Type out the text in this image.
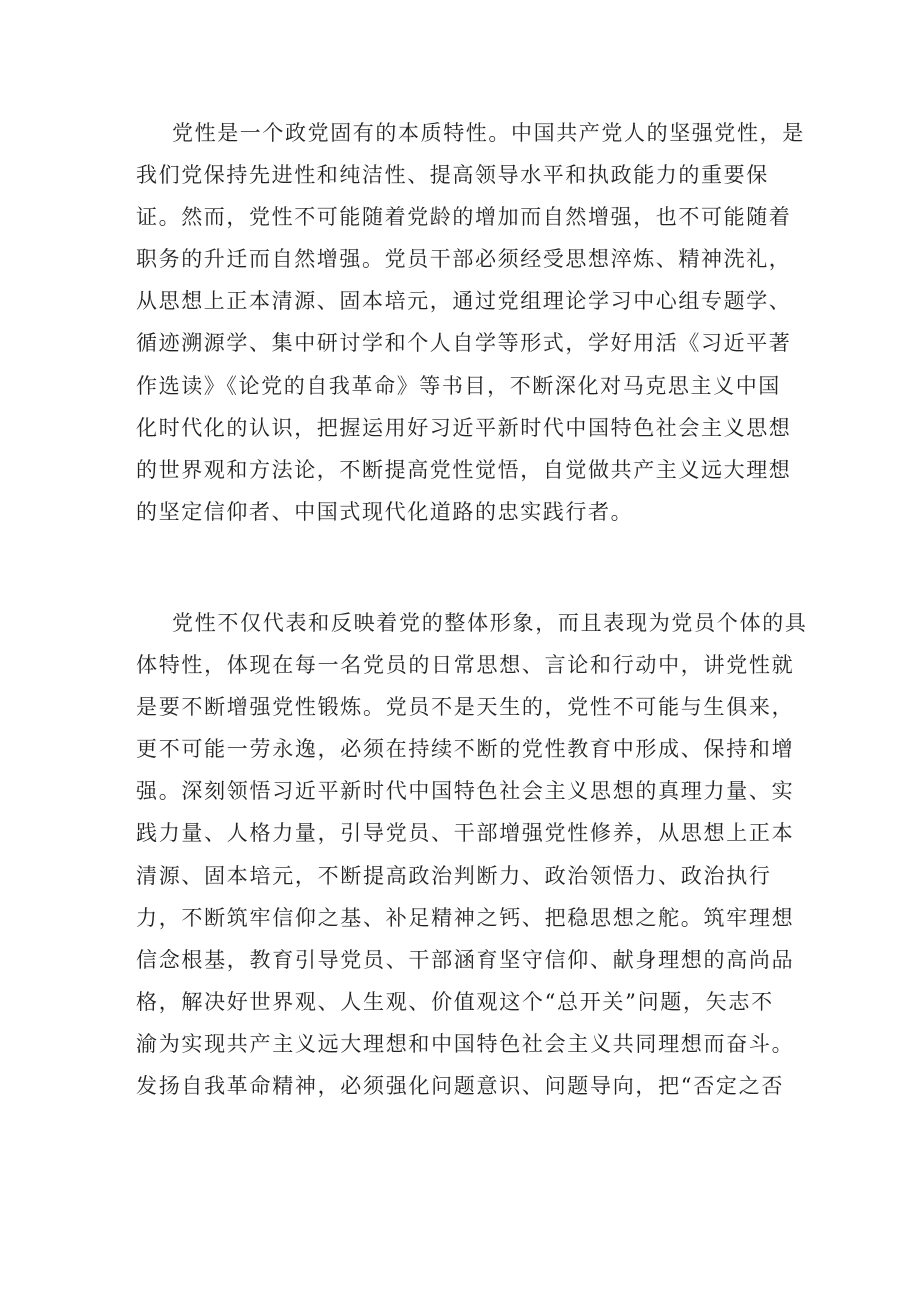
党性是一个政党固有的本质特性。中国共产党人的坚强党性，是
我们党保持先进性和纯洁性、提高领导水平和执政能力的重要保
证。然而，党性不可能随着党龄的增加而自然增强，也不可能随着
职务的升迁而自然增强。党员干部必须经受思想淬炼、精神洗礼，
从思想上正本清源、固本培元，通过党组理论学习中心组专题学、
循迹溯源学、集中研讨学和个人自学等形式，学好用活《习近平著
作选读》《论党的自我革命》等书目，不断深化对马克思主义中国
化时代化的认识，把握运用好习近平新时代中国特色社会主义思想
的世界观和方法论，不断提高党性觉悟，自觉做共产主义远大理想
的坚定信仰者、中国式现代化道路的忠实践行者。
党性不仅代表和反映着党的整体形象，而且表现为党员个体的具
体特性，体现在每一名党员的日常思想、言论和行动中，讲党性就
是要不断增强党性锻炼。党员不是天生的，党性不可能与生俱来，
更不可能一劳永逸，必须在持续不断的党性教育中形成、保持和增
强。深刻领悟习近平新时代中国特色社会主义思想的真理力量、实
践力量、人格力量，引导党员、干部增强党性修养，从思想上正本
清源、固本培元，不断提高政治判断力、政治领悟力、政治执行
力，不断筑牢信仰之基、补足精神之钙、把稳思想之舵。筑牢理想
信念根基，教育引导党员、干部涵育坚守信仰、献身理想的高尚品
格，解决好世界观、人生观、价值观这个“总开关”问题，矢志不
渝为实现共产主义远大理想和中国特色社会主义共同理想而奋斗。
发扬自我革命精神，必须强化问题意识、问题导向，把“否定之否
